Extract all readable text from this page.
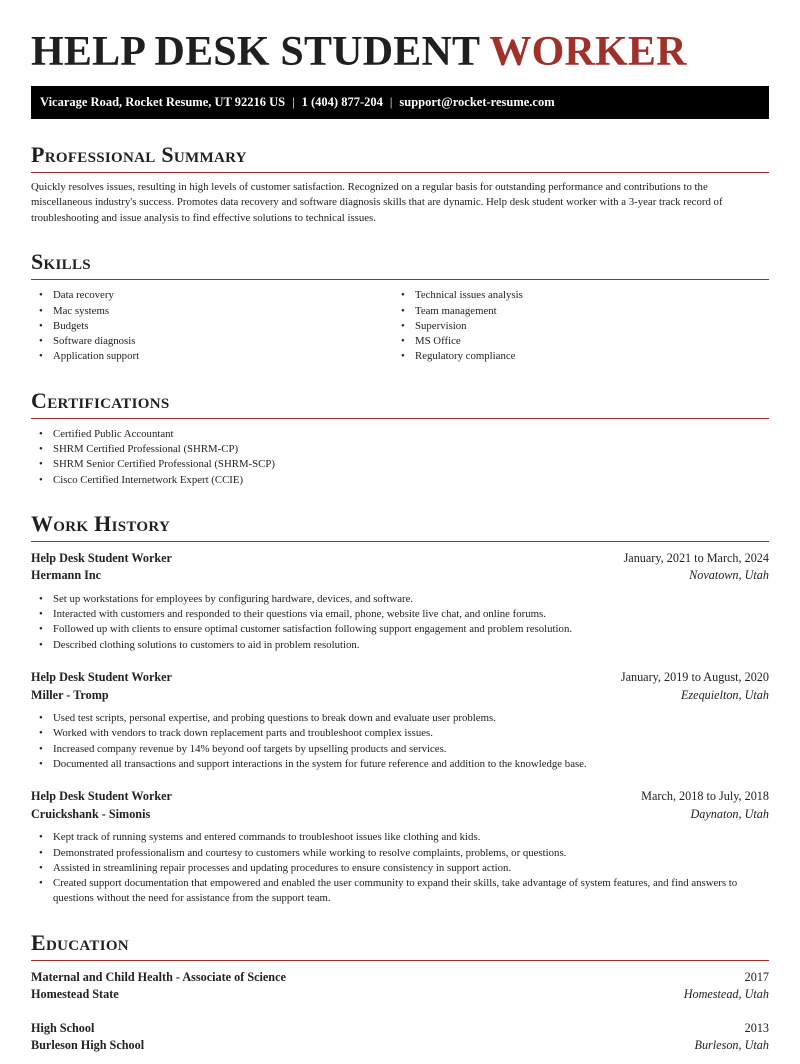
HELP DESK STUDENT WORKER
Vicarage Road, Rocket Resume, UT 92216 US | 1 (404) 877-204 | support@rocket-resume.com
Professional Summary
Quickly resolves issues, resulting in high levels of customer satisfaction. Recognized on a regular basis for outstanding performance and contributions to the miscellaneous industry's success. Promotes data recovery and software diagnosis skills that are dynamic. Help desk student worker with a 3-year track record of troubleshooting and issue analysis to find effective solutions to technical issues.
Skills
• Data recovery
• Mac systems
• Budgets
• Software diagnosis
• Application support
• Technical issues analysis
• Team management
• Supervision
• MS Office
• Regulatory compliance
Certifications
• Certified Public Accountant
• SHRM Certified Professional (SHRM-CP)
• SHRM Senior Certified Professional (SHRM-SCP)
• Cisco Certified Internetwork Expert (CCIE)
Work History
Help Desk Student Worker	January, 2021 to March, 2024
Hermann Inc	Novatown, Utah
• Set up workstations for employees by configuring hardware, devices, and software.
• Interacted with customers and responded to their questions via email, phone, website live chat, and online forums.
• Followed up with clients to ensure optimal customer satisfaction following support engagement and problem resolution.
• Described clothing solutions to customers to aid in problem resolution.
Help Desk Student Worker	January, 2019 to August, 2020
Miller - Tromp	Ezequielton, Utah
• Used test scripts, personal expertise, and probing questions to break down and evaluate user problems.
• Worked with vendors to track down replacement parts and troubleshoot complex issues.
• Increased company revenue by 14% beyond oof targets by upselling products and services.
• Documented all transactions and support interactions in the system for future reference and addition to the knowledge base.
Help Desk Student Worker	March, 2018 to July, 2018
Cruickshank - Simonis	Daynaton, Utah
• Kept track of running systems and entered commands to troubleshoot issues like clothing and kids.
• Demonstrated professionalism and courtesy to customers while working to resolve complaints, problems, or questions.
• Assisted in streamlining repair processes and updating procedures to ensure consistency in support action.
• Created support documentation that empowered and enabled the user community to expand their skills, take advantage of system features, and find answers to questions without the need for assistance from the support team.
Education
Maternal and Child Health - Associate of Science	2017
Homestead State	Homestead, Utah
High School	2013
Burleson High School	Burleson, Utah
